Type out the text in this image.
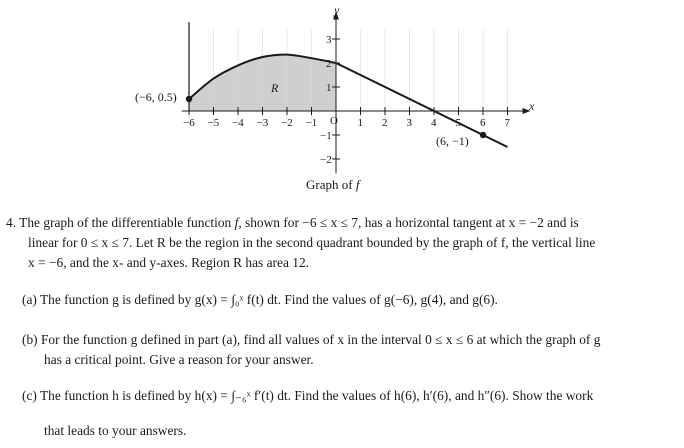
R
(−6, 0.5)
(6, −1)
y
x
O
−6 −5 −4 −3 −2 −1	1 2 3 4 5 6 7
3
2
1
−1
−2
Graph of f
4. The graph of the differentiable function f, shown for −6 ≤ x ≤ 7, has a horizontal tangent at x = −2 and is
linear for 0 ≤ x ≤ 7. Let R be the region in the second quadrant bounded by the graph of f, the vertical line
x = −6, and the x- and y-axes. Region R has area 12.
(a) The function g is defined by g(x) = ∫₀ˣ f(t) dt. Find the values of g(−6), g(4), and g(6).
(b) For the function g defined in part (a), find all values of x in the interval 0 ≤ x ≤ 6 at which the graph of g
has a critical point. Give a reason for your answer.
(c) The function h is defined by h(x) = ∫₋₆ˣ f′(t) dt. Find the values of h(6), h′(6), and h″(6). Show the work
that leads to your answers.
